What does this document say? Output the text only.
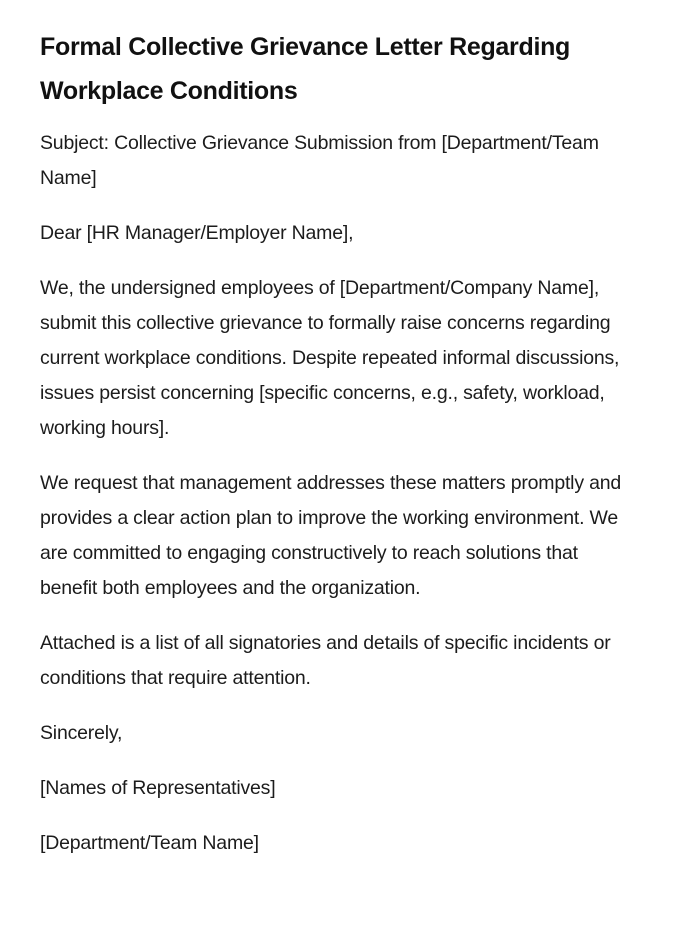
Formal Collective Grievance Letter Regarding Workplace Conditions

Subject: Collective Grievance Submission from [Department/Team Name]

Dear [HR Manager/Employer Name],

We, the undersigned employees of [Department/Company Name], submit this collective grievance to formally raise concerns regarding current workplace conditions. Despite repeated informal discussions, issues persist concerning [specific concerns, e.g., safety, workload, working hours].

We request that management addresses these matters promptly and provides a clear action plan to improve the working environment. We are committed to engaging constructively to reach solutions that benefit both employees and the organization.

Attached is a list of all signatories and details of specific incidents or conditions that require attention.

Sincerely,

[Names of Representatives]

[Department/Team Name]
